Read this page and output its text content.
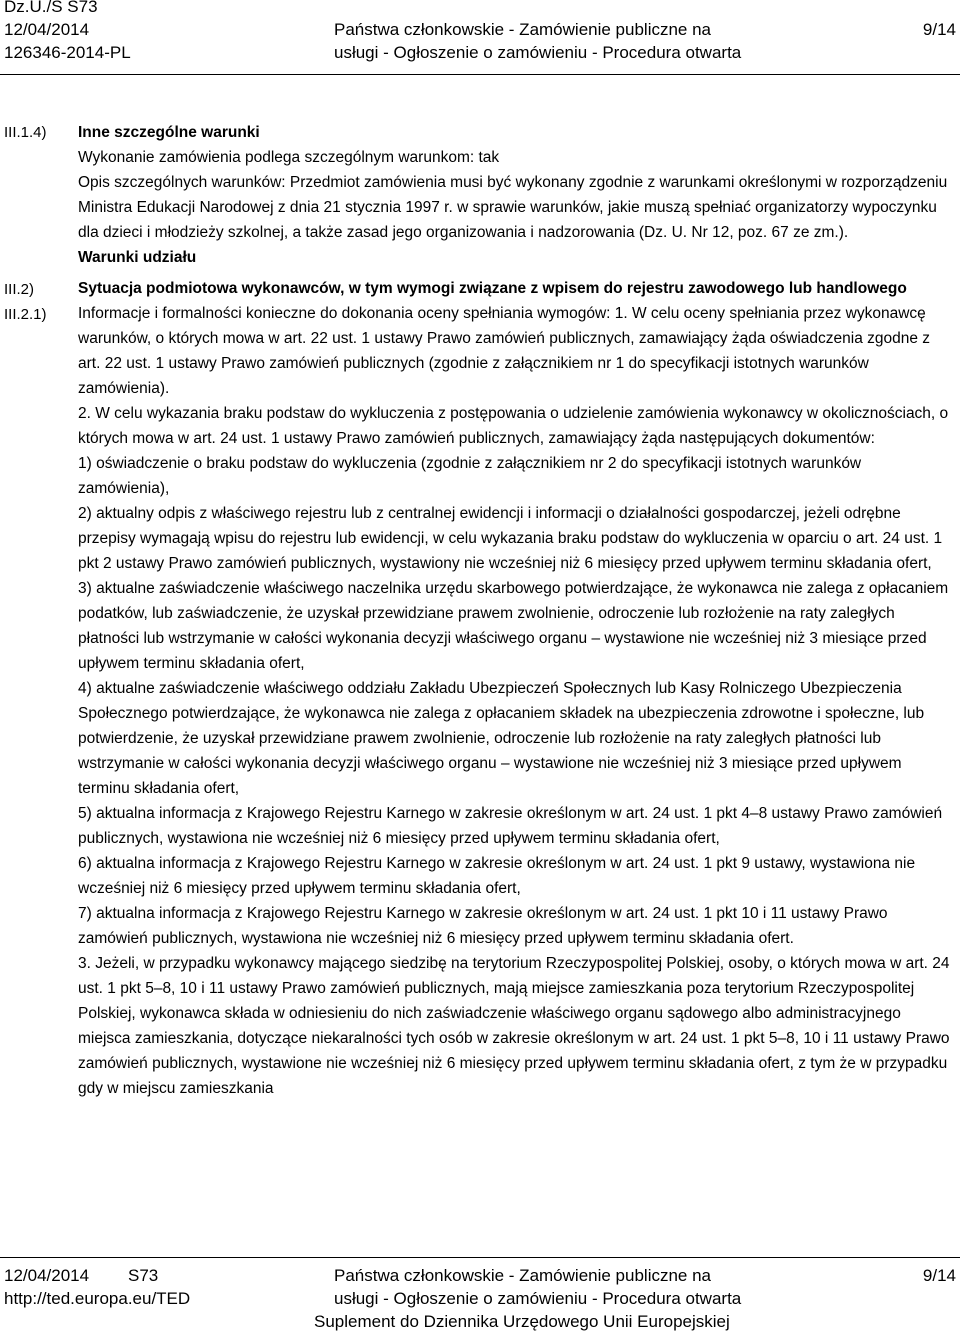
Dz.U./S S73
12/04/2014
126346-2014-PL
Państwa członkowskie - Zamówienie publiczne na
usługi - Ogłoszenie o zamówieniu - Procedura otwarta
9/14
III.1.4)
III.2)
III.2.1)

Inne szczególne warunki

Wykonanie zamówienia podlega szczególnym warunkom: tak

Opis szczególnych warunków: Przedmiot zamówienia musi być wykonany zgodnie z warunkami określonymi w rozporządzeniu Ministra Edukacji Narodowej z dnia 21 stycznia 1997 r. w sprawie warunków, jakie muszą spełniać organizatorzy wypoczynku dla dzieci i młodzieży szkolnej, a także zasad jego organizowania i nadzorowania (Dz. U. Nr 12, poz. 67 ze zm.).

Warunki udziału

Sytuacja podmiotowa wykonawców, w tym wymogi związane z wpisem do rejestru zawodowego lub handlowego

Informacje i formalności konieczne do dokonania oceny spełniania wymogów: 1. W celu oceny spełniania przez wykonawcę warunków, o których mowa w art. 22 ust. 1 ustawy Prawo zamówień publicznych, zamawiający żąda oświadczenia zgodne z art. 22 ust. 1 ustawy Prawo zamówień publicznych (zgodnie z załącznikiem nr 1 do specyfikacji istotnych warunków zamówienia).

2. W celu wykazania braku podstaw do wykluczenia z postępowania o udzielenie zamówienia wykonawcy w okolicznościach, o których mowa w art. 24 ust. 1 ustawy Prawo zamówień publicznych, zamawiający żąda następujących dokumentów:

1) oświadczenie o braku podstaw do wykluczenia (zgodnie z załącznikiem nr 2 do specyfikacji istotnych warunków zamówienia),

2) aktualny odpis z właściwego rejestru lub z centralnej ewidencji i informacji o działalności gospodarczej, jeżeli odrębne przepisy wymagają wpisu do rejestru lub ewidencji, w celu wykazania braku podstaw do wykluczenia w oparciu o art. 24 ust. 1 pkt 2 ustawy Prawo zamówień publicznych, wystawiony nie wcześniej niż 6 miesięcy przed upływem terminu składania ofert,

3) aktualne zaświadczenie właściwego naczelnika urzędu skarbowego potwierdzające, że wykonawca nie zalega z opłacaniem podatków, lub zaświadczenie, że uzyskał przewidziane prawem zwolnienie, odroczenie lub rozłożenie na raty zaległych płatności lub wstrzymanie w całości wykonania decyzji właściwego organu – wystawione nie wcześniej niż 3 miesiące przed upływem terminu składania ofert,

4) aktualne zaświadczenie właściwego oddziału Zakładu Ubezpieczeń Społecznych lub Kasy Rolniczego Ubezpieczenia Społecznego potwierdzające, że wykonawca nie zalega z opłacaniem składek na ubezpieczenia zdrowotne i społeczne, lub potwierdzenie, że uzyskał przewidziane prawem zwolnienie, odroczenie lub rozłożenie na raty zaległych płatności lub wstrzymanie w całości wykonania decyzji właściwego organu – wystawione nie wcześniej niż 3 miesiące przed upływem terminu składania ofert,

5) aktualna informacja z Krajowego Rejestru Karnego w zakresie określonym w art. 24 ust. 1 pkt 4–8 ustawy Prawo zamówień publicznych, wystawiona nie wcześniej niż 6 miesięcy przed upływem terminu składania ofert,

6) aktualna informacja z Krajowego Rejestru Karnego w zakresie określonym w art. 24 ust. 1 pkt 9 ustawy, wystawiona nie wcześniej niż 6 miesięcy przed upływem terminu składania ofert,

7) aktualna informacja z Krajowego Rejestru Karnego w zakresie określonym w art. 24 ust. 1 pkt 10 i 11 ustawy Prawo zamówień publicznych, wystawiona nie wcześniej niż 6 miesięcy przed upływem terminu składania ofert.

3. Jeżeli, w przypadku wykonawcy mającego siedzibę na terytorium Rzeczypospolitej Polskiej, osoby, o których mowa w art. 24 ust. 1 pkt 5–8, 10 i 11 ustawy Prawo zamówień publicznych, mają miejsce zamieszkania poza terytorium Rzeczypospolitej Polskiej, wykonawca składa w odniesieniu do nich zaświadczenie właściwego organu sądowego albo administracyjnego miejsca zamieszkania, dotyczące niekaralności tych osób w zakresie określonym w art. 24 ust. 1 pkt 5–8, 10 i 11 ustawy Prawo zamówień publicznych, wystawione nie wcześniej niż 6 miesięcy przed upływem terminu składania ofert, z tym że w przypadku gdy w miejscu zamieszkania

12/04/2014 S73
http://ted.europa.eu/TED
Państwa członkowskie - Zamówienie publiczne na
usługi - Ogłoszenie o zamówieniu - Procedura otwarta
Suplement do Dziennika Urzędowego Unii Europejskiej
9/14
